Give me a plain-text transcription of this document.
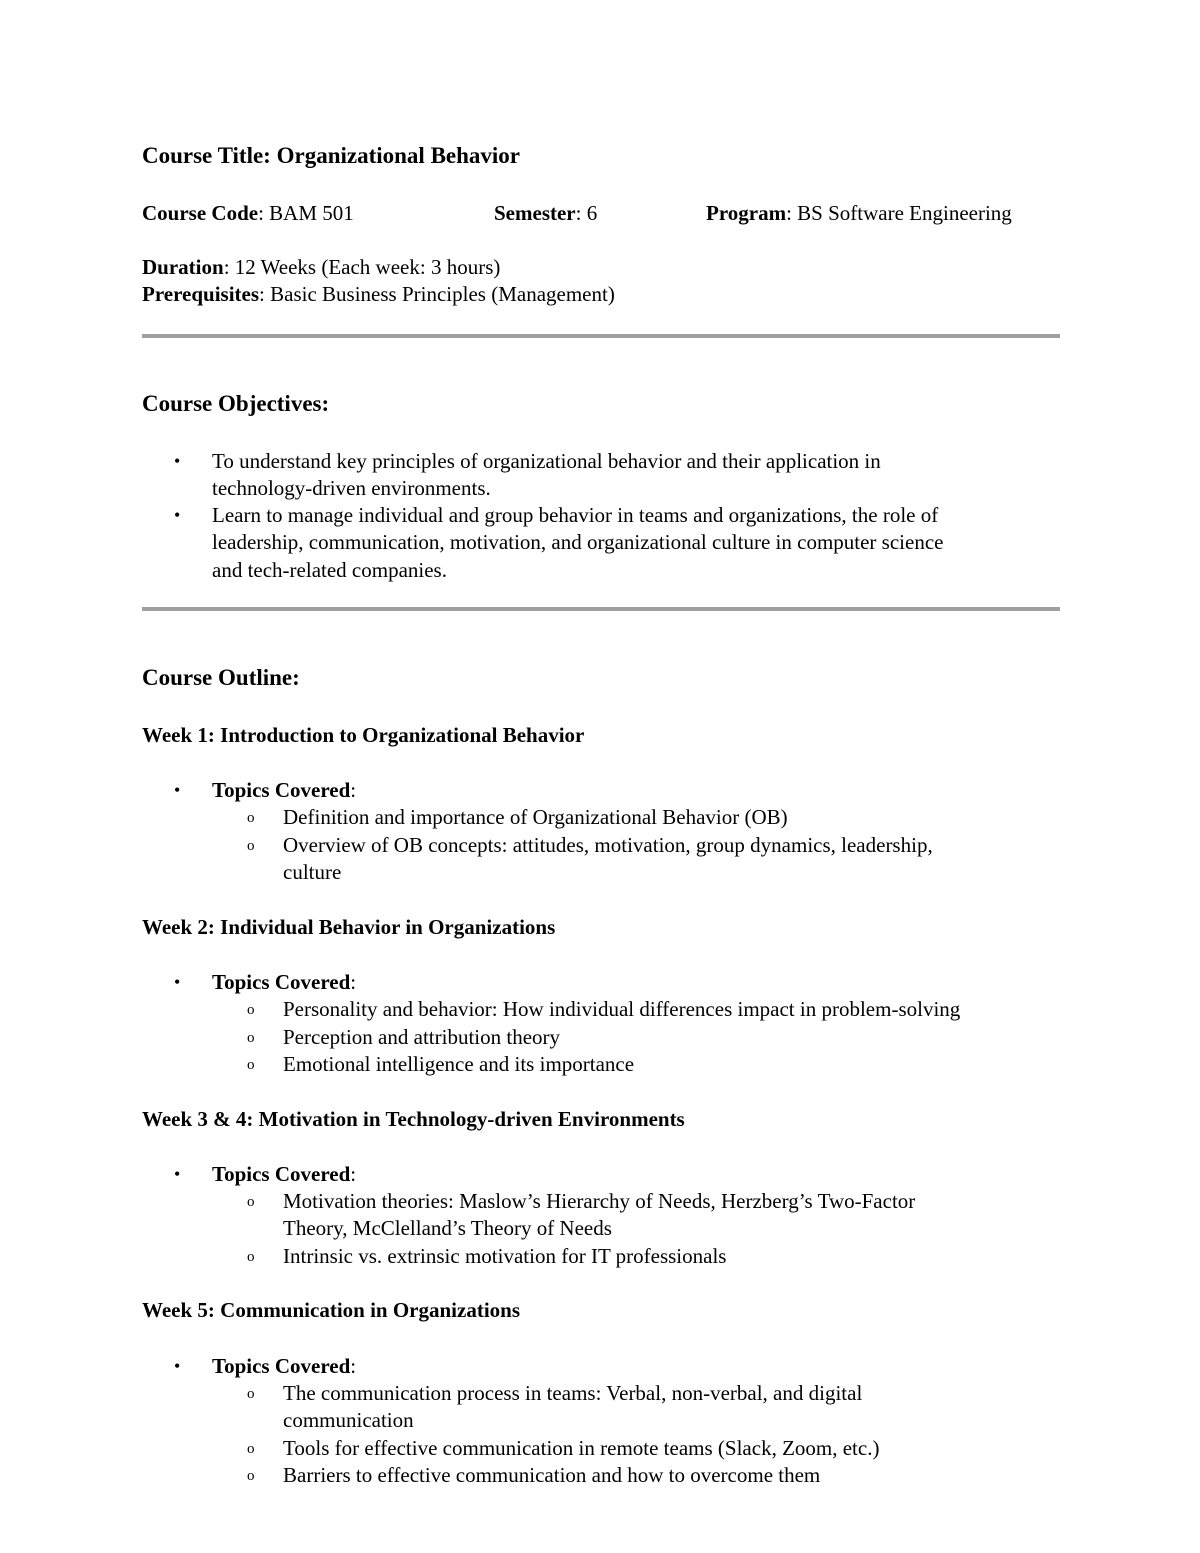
Course Title: Organizational Behavior
Course Code: BAM 501	Semester: 6	Program: BS Software Engineering
Duration: 12 Weeks (Each week: 3 hours)
Prerequisites: Basic Business Principles (Management)
Course Objectives:
• To understand key principles of organizational behavior and their application in
technology-driven environments.
• Learn to manage individual and group behavior in teams and organizations, the role of
leadership, communication, motivation, and organizational culture in computer science
and tech-related companies.
Course Outline:
Week 1: Introduction to Organizational Behavior
• Topics Covered:
o Definition and importance of Organizational Behavior (OB)
o Overview of OB concepts: attitudes, motivation, group dynamics, leadership,
culture
Week 2: Individual Behavior in Organizations
• Topics Covered:
o Personality and behavior: How individual differences impact in problem-solving
o Perception and attribution theory
o Emotional intelligence and its importance
Week 3 & 4: Motivation in Technology-driven Environments
• Topics Covered:
o Motivation theories: Maslow’s Hierarchy of Needs, Herzberg’s Two-Factor
Theory, McClelland’s Theory of Needs
o Intrinsic vs. extrinsic motivation for IT professionals
Week 5: Communication in Organizations
• Topics Covered:
o The communication process in teams: Verbal, non-verbal, and digital
communication
o Tools for effective communication in remote teams (Slack, Zoom, etc.)
o Barriers to effective communication and how to overcome them
